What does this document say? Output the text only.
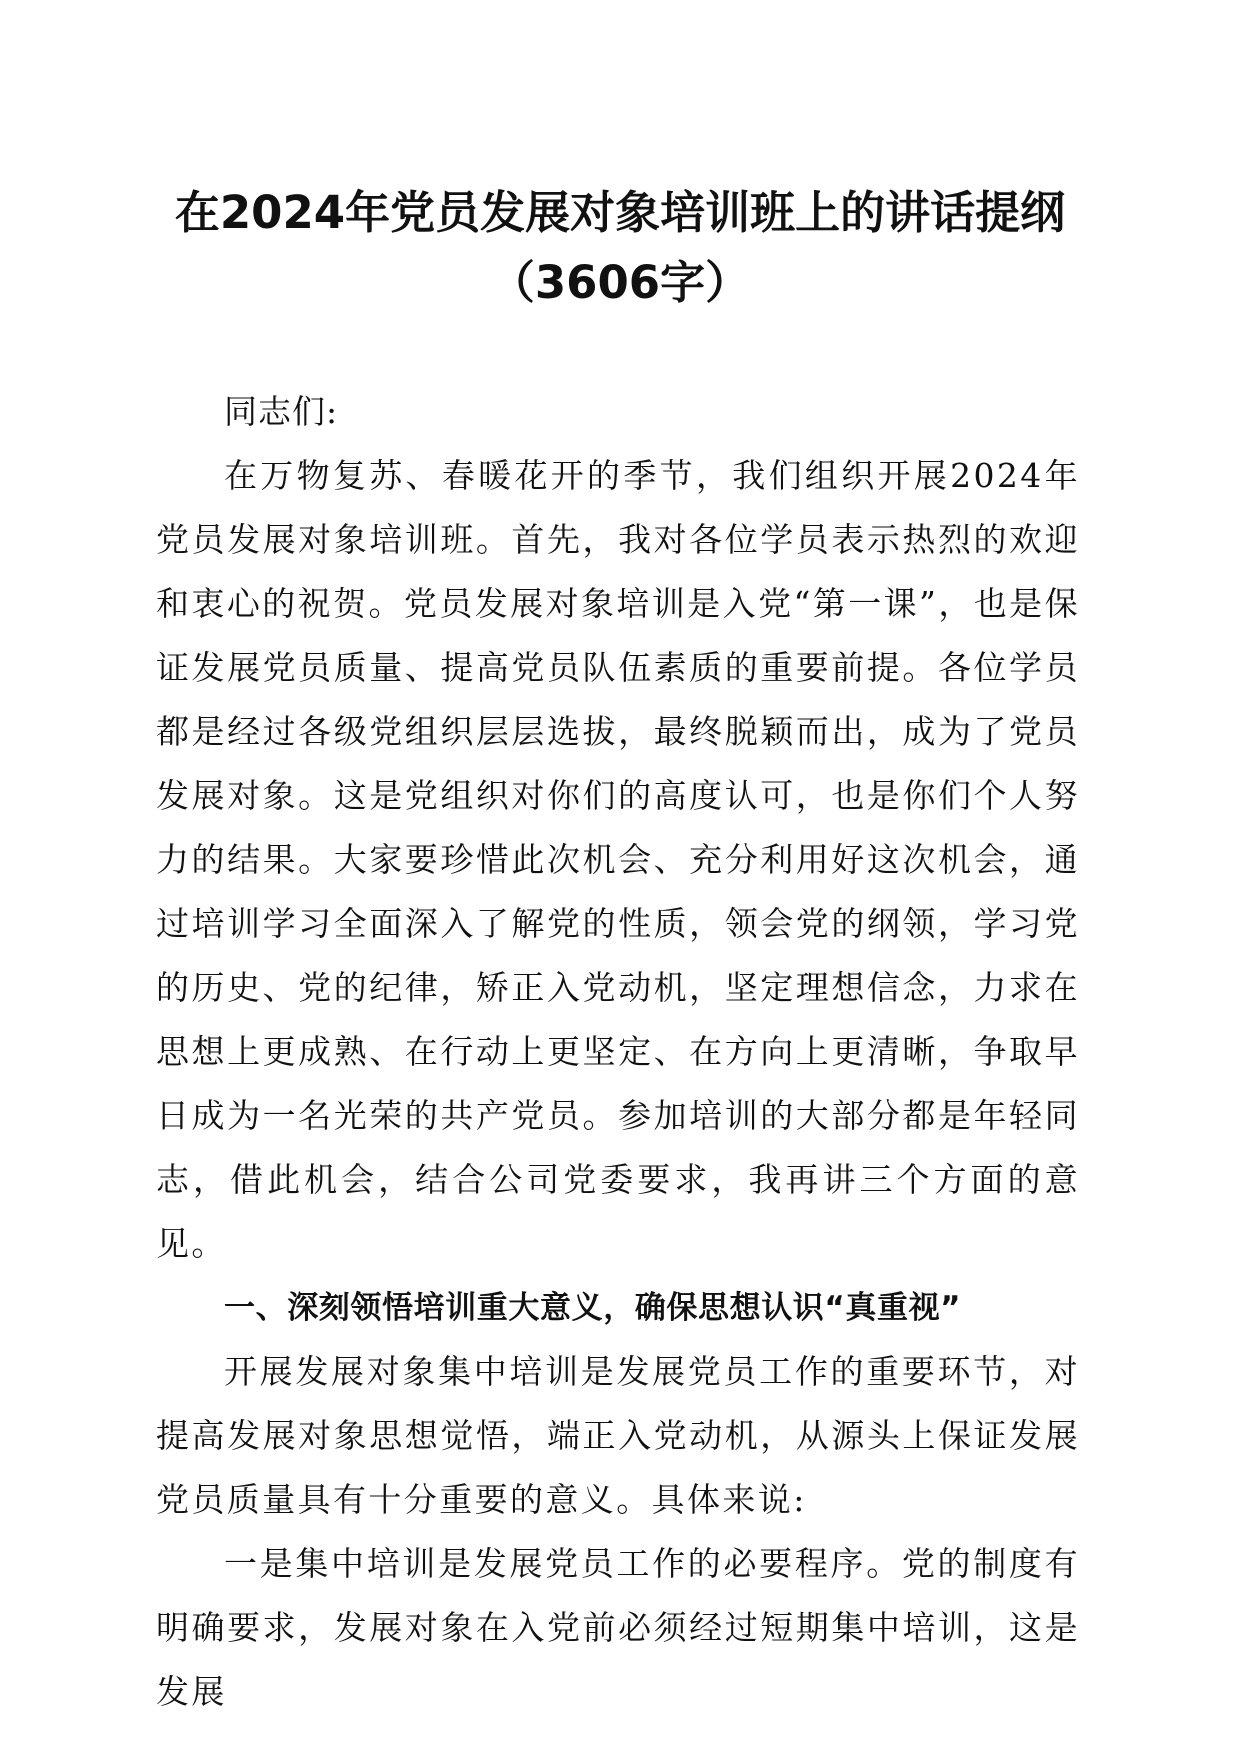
在2024年党员发展对象培训班上的讲话提纲
（3606字）

同志们:

在万物复苏、春暖花开的季节，我们组织开展2024年党员发展对象培训班。首先，我对各位学员表示热烈的欢迎和衷心的祝贺。党员发展对象培训是入党“第一课”，也是保证发展党员质量、提高党员队伍素质的重要前提。各位学员都是经过各级党组织层层选拔，最终脱颖而出，成为了党员发展对象。这是党组织对你们的高度认可，也是你们个人努力的结果。大家要珍惜此次机会、充分利用好这次机会，通过培训学习全面深入了解党的性质，领会党的纲领，学习党的历史、党的纪律，矫正入党动机，坚定理想信念，力求在思想上更成熟、在行动上更坚定、在方向上更清晰，争取早日成为一名光荣的共产党员。参加培训的大部分都是年轻同志，借此机会，结合公司党委要求，我再讲三个方面的意见。

一、深刻领悟培训重大意义，确保思想认识“真重视”

开展发展对象集中培训是发展党员工作的重要环节，对提高发展对象思想觉悟，端正入党动机，从源头上保证发展党员质量具有十分重要的意义。具体来说:

一是集中培训是发展党员工作的必要程序。党的制度有明确要求，发展对象在入党前必须经过短期集中培训，这是发展
